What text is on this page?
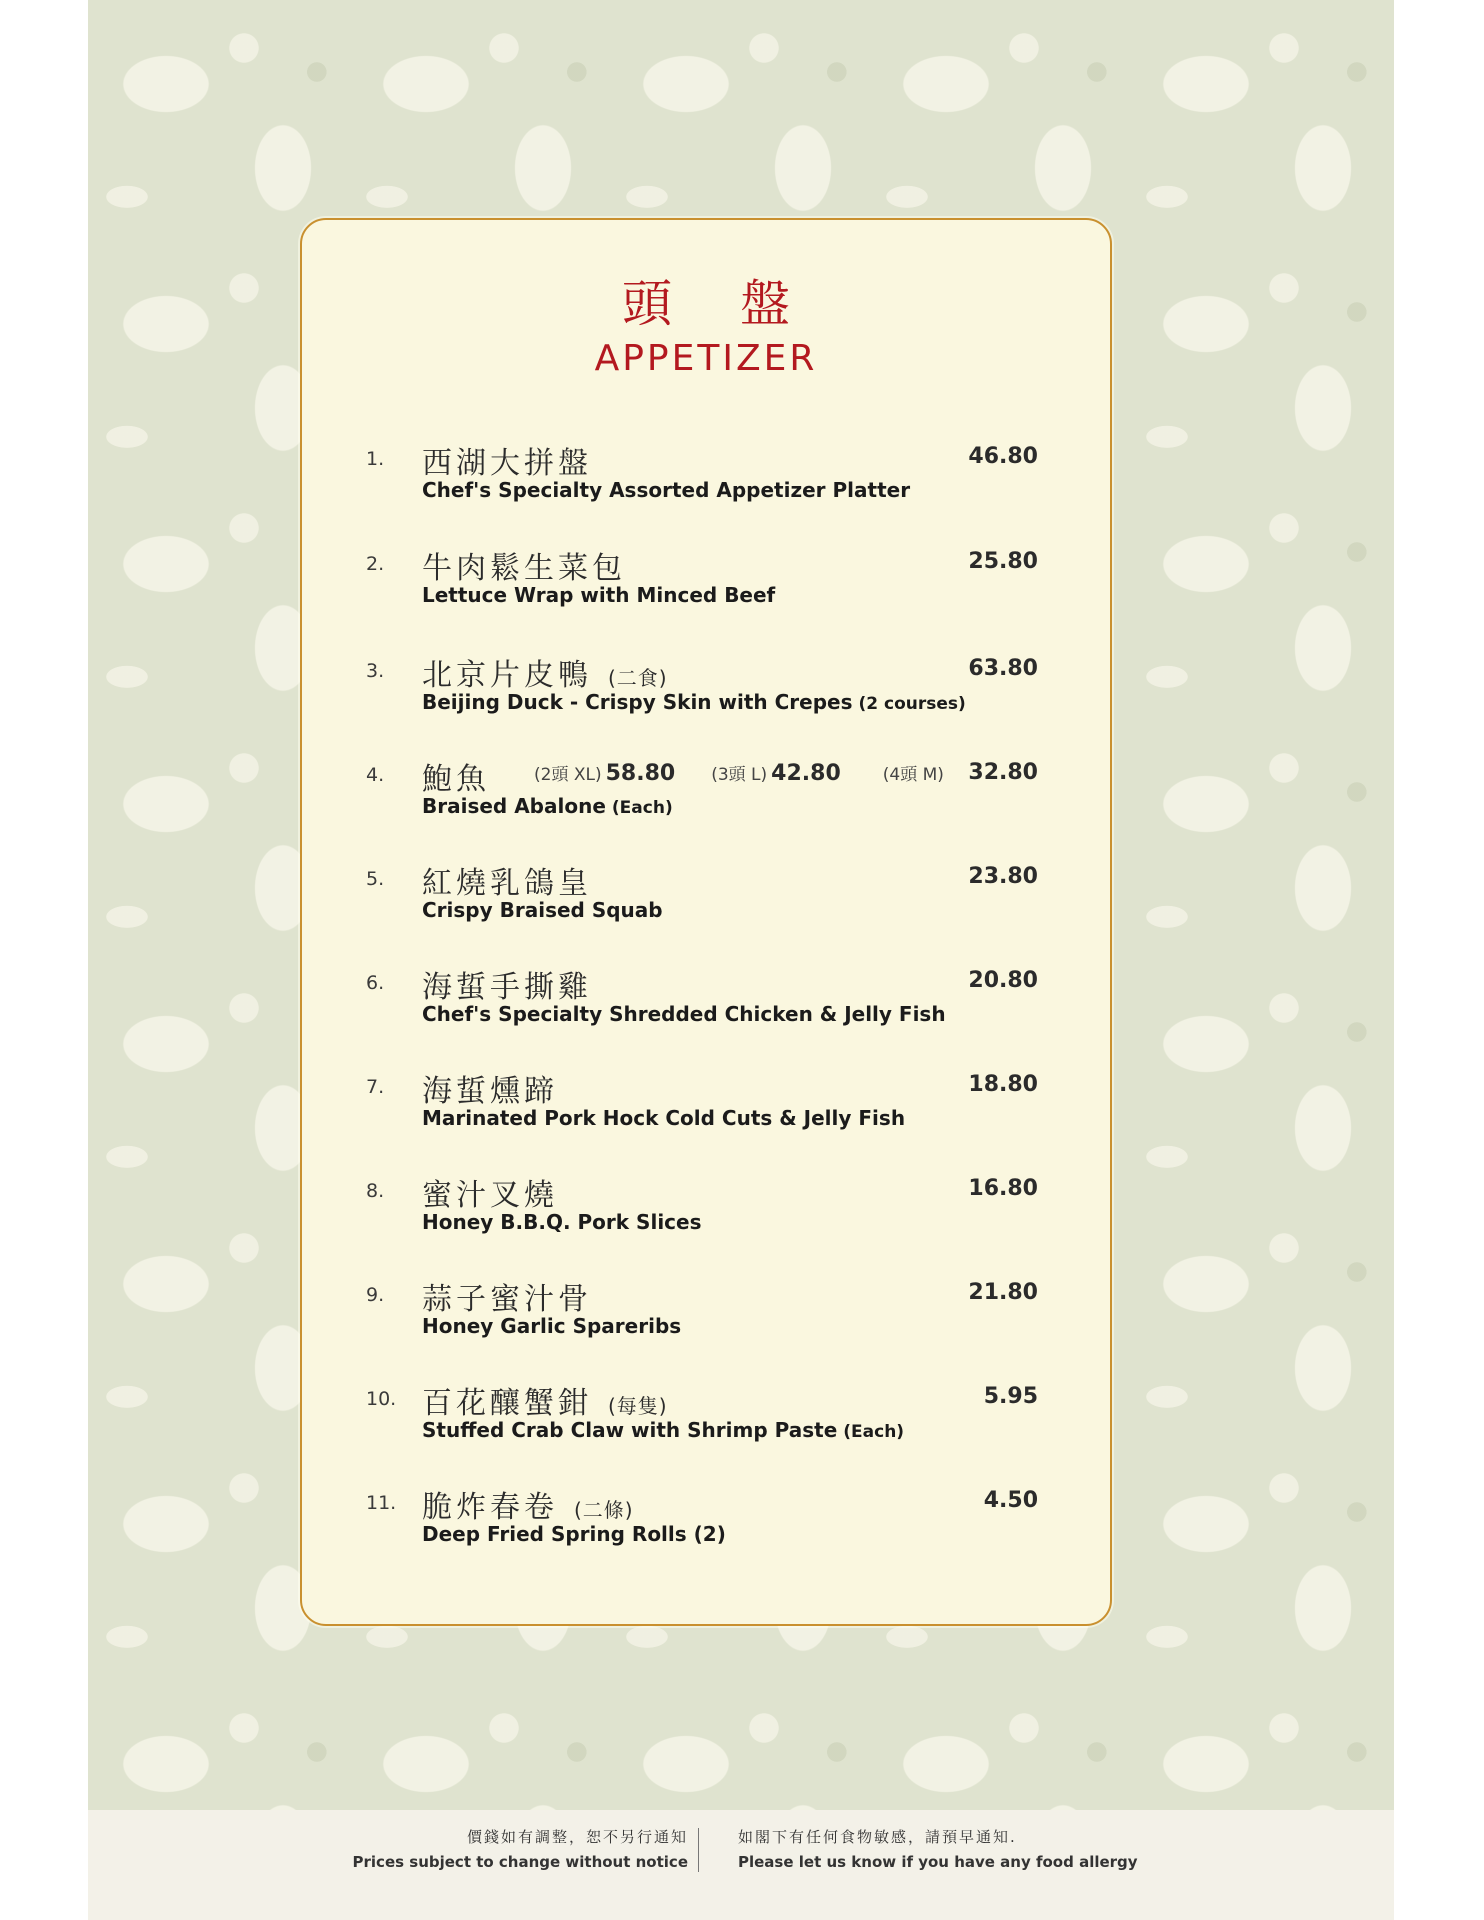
頭 盤
APPETIZER
1. 西湖大拼盤
Chef's Specialty Assorted Appetizer Platter
46.80
2. 牛肉鬆生菜包
Lettuce Wrap with Minced Beef
25.80
3. 北京片皮鴨 (二食)
Beijing Duck - Crispy Skin with Crepes (2 courses)
63.80
4. 鮑魚	(2頭 XL) 58.80 (3頭 L) 42.80 (4頭 M)
Braised Abalone (Each)
32.80
5. 紅燒乳鴿皇
Crispy Braised Squab
23.80
6. 海蜇手撕雞
Chef's Specialty Shredded Chicken & Jelly Fish
20.80
7. 海蜇燻蹄
Marinated Pork Hock Cold Cuts & Jelly Fish
18.80
8. 蜜汁叉燒
Honey B.B.Q. Pork Slices
16.80
9. 蒜子蜜汁骨
Honey Garlic Spareribs
21.80
10. 百花釀蟹鉗 (每隻)
Stuffed Crab Claw with Shrimp Paste (Each)
5.95
11. 脆炸春卷 (二條)
Deep Fried Spring Rolls (2)
4.50
價錢如有調整，恕不另行通知
Prices subject to change without notice
如閣下有任何食物敏感，請預早通知.
Please let us know if you have any food allergy
